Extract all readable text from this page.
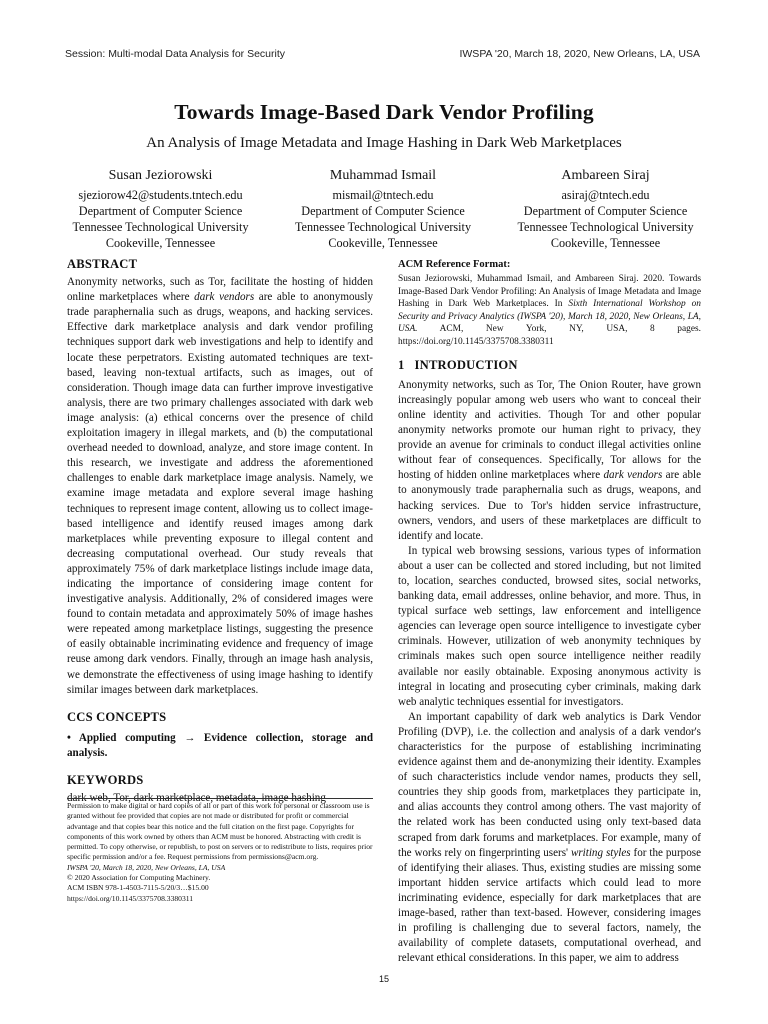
Session: Multi-modal Data Analysis for Security	IWSPA '20, March 18, 2020, New Orleans, LA, USA
Towards Image-Based Dark Vendor Profiling
An Analysis of Image Metadata and Image Hashing in Dark Web Marketplaces
Susan Jeziorowski
sjeziorow42@students.tntech.edu
Department of Computer Science
Tennessee Technological University
Cookeville, Tennessee
Muhammad Ismail
mismail@tntech.edu
Department of Computer Science
Tennessee Technological University
Cookeville, Tennessee
Ambareen Siraj
asiraj@tntech.edu
Department of Computer Science
Tennessee Technological University
Cookeville, Tennessee
ABSTRACT

Anonymity networks, such as Tor, facilitate the hosting of hidden online marketplaces where dark vendors are able to anonymously trade paraphernalia such as drugs, weapons, and hacking services. Effective dark marketplace analysis and dark vendor profiling techniques support dark web investigations and help to identify and locate these perpetrators. Existing automated techniques are text-based, leaving non-textual artifacts, such as images, out of consideration. Though image data can further improve investigative analysis, there are two primary challenges associated with dark web image analysis: (a) ethical concerns over the presence of child exploitation imagery in illegal markets, and (b) the computational overhead needed to download, analyze, and store image content. In this research, we investigate and address the aforementioned challenges to enable dark marketplace image analysis. Namely, we examine image metadata and explore several image hashing techniques to represent image content, allowing us to collect image-based intelligence and identify reused images among dark marketplaces while preventing exposure to illegal content and decreasing computational overhead. Our study reveals that approximately 75% of dark marketplace listings include image data, indicating the importance of considering image content for investigative analysis. Additionally, 2% of considered images were found to contain metadata and approximately 50% of image hashes were repeated among marketplace listings, suggesting the presence of easily obtainable incriminating evidence and frequency of image reuse among dark vendors. Finally, through an image hash analysis, we demonstrate the effectiveness of using image hashing to identify similar images between dark marketplaces.

CCS CONCEPTS

• Applied computing → Evidence collection, storage and analysis.

KEYWORDS

dark web, Tor, dark marketplace, metadata, image hashing

Permission to make digital or hard copies of all or part of this work for personal or classroom use is granted without fee provided that copies are not made or distributed for profit or commercial advantage and that copies bear this notice and the full citation on the first page. Copyrights for components of this work owned by others than ACM must be honored. Abstracting with credit is permitted. To copy otherwise, or republish, to post on servers or to redistribute to lists, requires prior specific permission and/or a fee. Request permissions from permissions@acm.org.
IWSPA '20, March 18, 2020, New Orleans, LA, USA
© 2020 Association for Computing Machinery.
ACM ISBN 978-1-4503-7115-5/20/3…$15.00
https://doi.org/10.1145/3375708.3380311
ACM Reference Format:

Susan Jeziorowski, Muhammad Ismail, and Ambareen Siraj. 2020. Towards Image-Based Dark Vendor Profiling: An Analysis of Image Metadata and Image Hashing in Dark Web Marketplaces. In Sixth International Workshop on Security and Privacy Analytics (IWSPA '20), March 18, 2020, New Orleans, LA, USA. ACM, New York, NY, USA, 8 pages. https://doi.org/10.1145/3375708.3380311

1   INTRODUCTION

Anonymity networks, such as Tor, The Onion Router, have grown increasingly popular among web users who want to conceal their online identity and activities. Though Tor and other popular anonymity networks promote our human right to privacy, they provide an avenue for criminals to conduct illegal activities online without fear of consequences. Specifically, Tor allows for the hosting of hidden online marketplaces where dark vendors are able to anonymously trade paraphernalia such as drugs, weapons, and hacking services. Due to Tor's hidden service infrastructure, owners, vendors, and users of these marketplaces are difficult to identify and locate.

In typical web browsing sessions, various types of information about a user can be collected and stored including, but not limited to, location, searches conducted, browsed sites, social networks, banking data, email addresses, online behavior, and more. Thus, in typical surface web settings, law enforcement and intelligence agencies can leverage open source intelligence to investigate cyber criminals. However, utilization of web anonymity techniques by criminals makes such open source intelligence neither readily available nor easily obtainable. Exposing anonymous activity is integral in locating and prosecuting cyber criminals, making dark web analytic techniques essential for investigators.

An important capability of dark web analytics is Dark Vendor Profiling (DVP), i.e. the collection and analysis of a dark vendor's characteristics for the purpose of establishing incriminating evidence against them and de-anonymizing their identity. Examples of such characteristics include vendor names, products they sell, countries they ship goods from, marketplaces they participate in, and alias accounts they control among others. The vast majority of the related work has been conducted using only text-based data scraped from dark forums and marketplaces. For example, many of the works rely on fingerprinting users' writing styles for the purpose of identifying their aliases. Thus, existing studies are missing some important hidden service artifacts which could lead to more incriminating evidence, especially for dark marketplaces that are image-based, rather than text-based. However, considering images in profiling is challenging due to several factors, namely, the availability of complete datasets, computational overhead, and relevant ethical considerations. In this paper, we aim to address

15
